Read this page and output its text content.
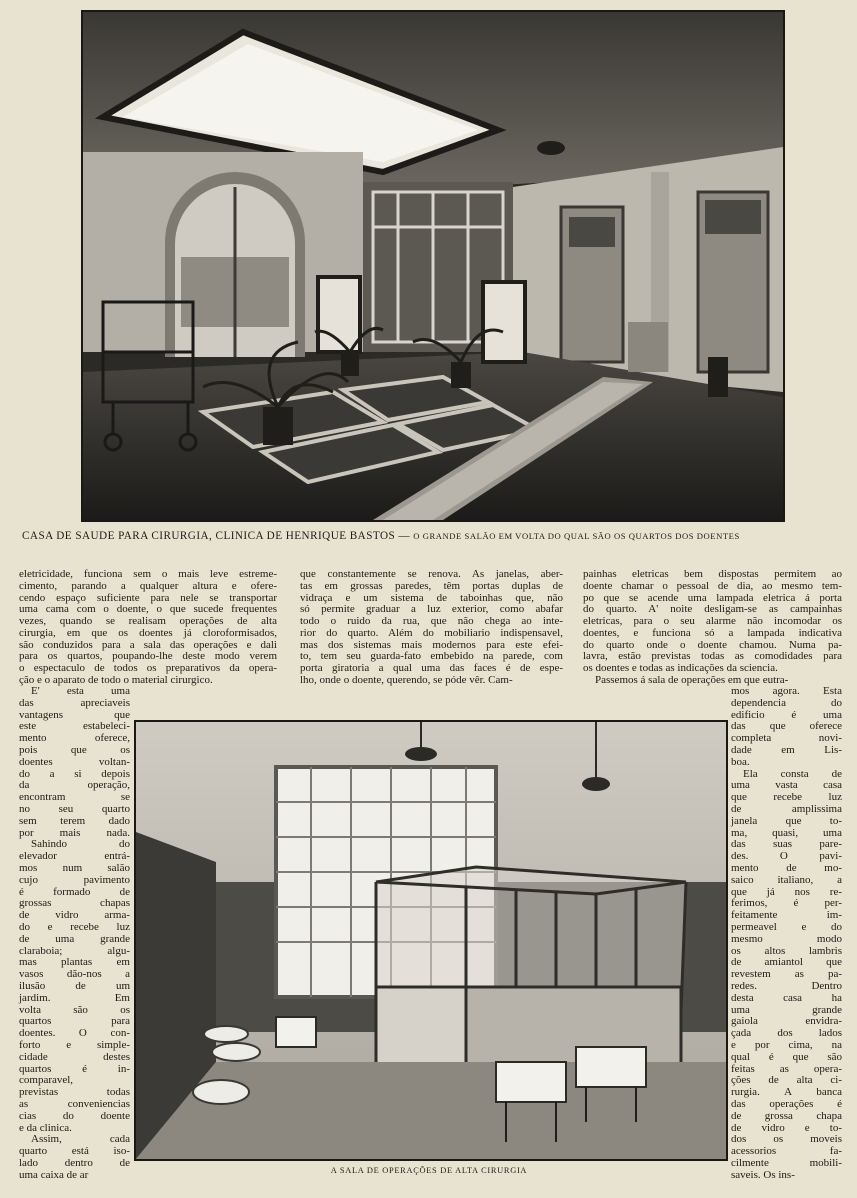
CASA DE SAUDE PARA CIRURGIA, CLINICA DE HENRIQUE BASTOS — O GRANDE SALÃO EM VOLTA DO QUAL SÃO OS QUARTOS DOS DOENTES
eletricidade, funciona sem o mais leve estreme-
cimento, parando a qualquer altura e ofere-
cendo espaço suficiente para nele se transportar
uma cama com o doente, o que sucede frequentes
vezes, quando se realisam operações de alta
cirurgia, em que os doentes já cloroformisados,
são conduzidos para a sala das operações e dali
para os quartos, poupando-lhe deste modo verem
o espectaculo de todos os preparativos da opera-
ção e o aparato de todo o material cirurgico.
E' esta uma
das apreciaveis
vantagens que
este estabeleci-
mento oferece,
pois que os
doentes voltan-
do a si depois
da operação,
encontram se
no seu quarto
sem terem dado
por mais nada.
Sahindo do
elevador entrá-
mos num salão
cujo pavimento
é formado de
grossas chapas
de vidro arma-
do e recebe luz
de uma grande
claraboia; algu-
mas plantas em
vasos dão-nos a
ilusão de um
jardim. Em
volta são os
quartos para
doentes. O con-
forto e simple-
cidade destes
quartos é in-
comparavel,
previstas todas
as conveniencias
cias do doente
e da clinica.
Assim, cada
quarto está iso-
lado dentro de
uma caixa de ar
que constantemente se renova. As janelas, aber-
tas em grossas paredes, têm portas duplas de
vidraça e um sistema de taboinhas que, não
só permite graduar a luz exterior, como abafar
todo o ruido da rua, que não chega ao inte-
rior do quarto. Além do mobiliario indispensavel,
mas dos sistemas mais modernos para este efei-
to, tem seu guarda-fato embebido na parede, com
porta giratoria a qual uma das faces é de espe-
lho, onde o doente, querendo, se póde vêr. Cam-
painhas eletricas bem dispostas permitem ao
doente chamar o pessoal de dia, ao mesmo tem-
po que se acende uma lampada eletrica á porta
do quarto. A' noite desligam-se as campainhas
eletricas, para o seu alarme não incomodar os
doentes, e funciona só a lampada indicativa
do quarto onde o doente chamou. Numa pa-
lavra, estão previstas todas as comodidades para
os doentes e todas as indicações da sciencia.
Passemos á sala de operações em que eutra-
mos agora. Esta
dependencia do
edificio é uma
das que oferece
completa novi-
dade em Lis-
boa.
Ela consta de
uma vasta casa
que recebe luz
de amplissima
janela que to-
ma, quasi, uma
das suas pare-
des. O pavi-
mento de mo-
saico italiano, a
que já nos re-
ferimos, é per-
feitamente im-
permeavel e do
mesmo modo
os altos lambris
de amiantol que
revestem as pa-
redes. Dentro
desta casa ha
uma grande
gaiola envidra-
çada dos lados
e por cima, na
qual é que são
feitas as opera-
ções de alta ci-
rurgia. A banca
das operações é
de grossa chapa
de vidro e to-
dos os moveis
acessorios fa-
cilmente mobili-
saveis. Os ins-
A SALA DE OPERAÇÕES DE ALTA CIRURGIA
